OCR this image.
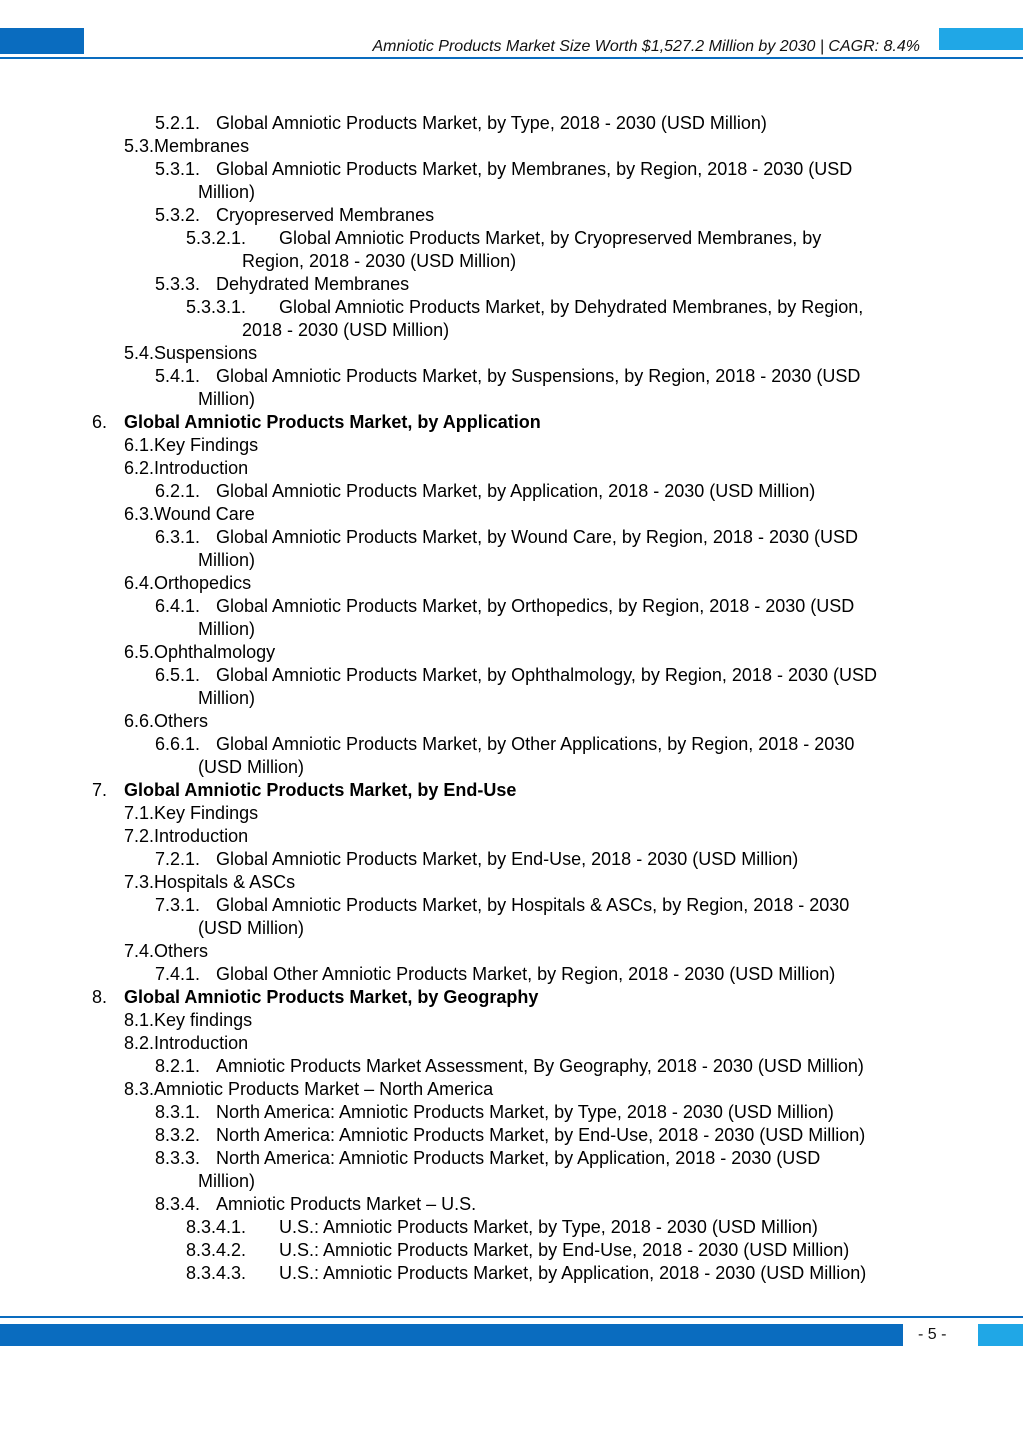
Amniotic Products Market Size Worth $1,527.2 Million by 2030 | CAGR: 8.4%
5.2.1. Global Amniotic Products Market, by Type, 2018 - 2030 (USD Million)
5.3.Membranes
5.3.1. Global Amniotic Products Market, by Membranes, by Region, 2018 - 2030 (USD
Million)
5.3.2. Cryopreserved Membranes
5.3.2.1.	Global Amniotic Products Market, by Cryopreserved Membranes, by
Region, 2018 - 2030 (USD Million)
5.3.3. Dehydrated Membranes
5.3.3.1.	Global Amniotic Products Market, by Dehydrated Membranes, by Region,
2018 - 2030 (USD Million)
5.4.Suspensions
5.4.1. Global Amniotic Products Market, by Suspensions, by Region, 2018 - 2030 (USD
Million)
6. Global Amniotic Products Market, by Application
6.1.Key Findings
6.2.Introduction
6.2.1. Global Amniotic Products Market, by Application, 2018 - 2030 (USD Million)
6.3.Wound Care
6.3.1. Global Amniotic Products Market, by Wound Care, by Region, 2018 - 2030 (USD
Million)
6.4.Orthopedics
6.4.1. Global Amniotic Products Market, by Orthopedics, by Region, 2018 - 2030 (USD
Million)
6.5.Ophthalmology
6.5.1. Global Amniotic Products Market, by Ophthalmology, by Region, 2018 - 2030 (USD
Million)
6.6.Others
6.6.1. Global Amniotic Products Market, by Other Applications, by Region, 2018 - 2030
(USD Million)
7. Global Amniotic Products Market, by End-Use
7.1.Key Findings
7.2.Introduction
7.2.1. Global Amniotic Products Market, by End-Use, 2018 - 2030 (USD Million)
7.3.Hospitals & ASCs
7.3.1. Global Amniotic Products Market, by Hospitals & ASCs, by Region, 2018 - 2030
(USD Million)
7.4.Others
7.4.1. Global Other Amniotic Products Market, by Region, 2018 - 2030 (USD Million)
8. Global Amniotic Products Market, by Geography
8.1.Key findings
8.2.Introduction
8.2.1. Amniotic Products Market Assessment, By Geography, 2018 - 2030 (USD Million)
8.3.Amniotic Products Market – North America
8.3.1. North America: Amniotic Products Market, by Type, 2018 - 2030 (USD Million)
8.3.2. North America: Amniotic Products Market, by End-Use, 2018 - 2030 (USD Million)
8.3.3. North America: Amniotic Products Market, by Application, 2018 - 2030 (USD
Million)
8.3.4. Amniotic Products Market – U.S.
8.3.4.1.	U.S.: Amniotic Products Market, by Type, 2018 - 2030 (USD Million)
8.3.4.2.	U.S.: Amniotic Products Market, by End-Use, 2018 - 2030 (USD Million)
8.3.4.3.	U.S.: Amniotic Products Market, by Application, 2018 - 2030 (USD Million)
- 5 -
